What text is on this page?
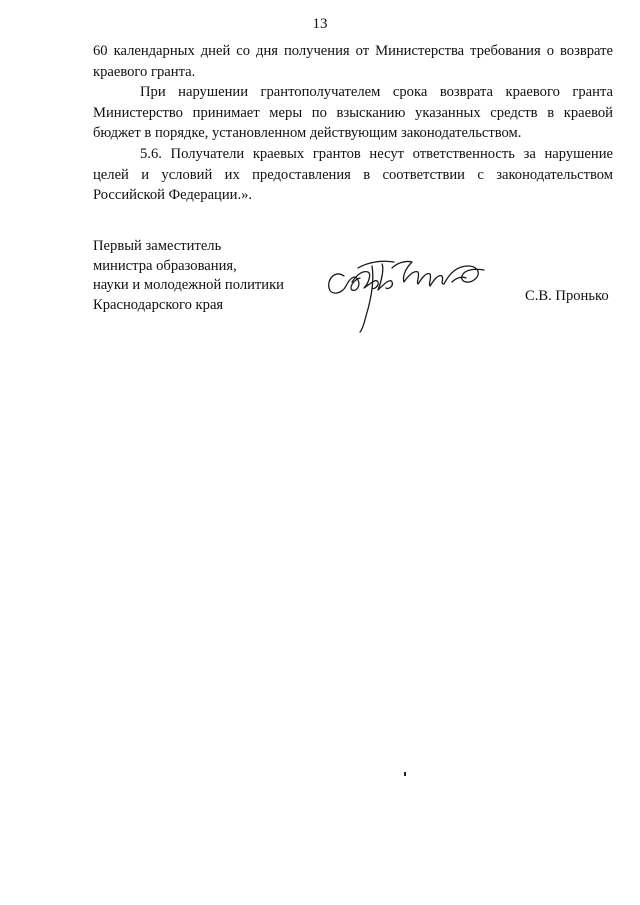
13

60 календарных дней со дня получения от Министерства требования о возврате краевого гранта.

При нарушении грантополучателем срока возврата краевого гранта Министерство принимает меры по взысканию указанных средств в краевой бюджет в порядке, установленном действующим законодательством.

5.6. Получатели краевых грантов несут ответственность за нарушение целей и условий их предоставления в соответствии с законодательством Российской Федерации.».

Первый заместитель
министра образования,
науки и молодежной политики
Краснодарского края
С.В. Пронько
